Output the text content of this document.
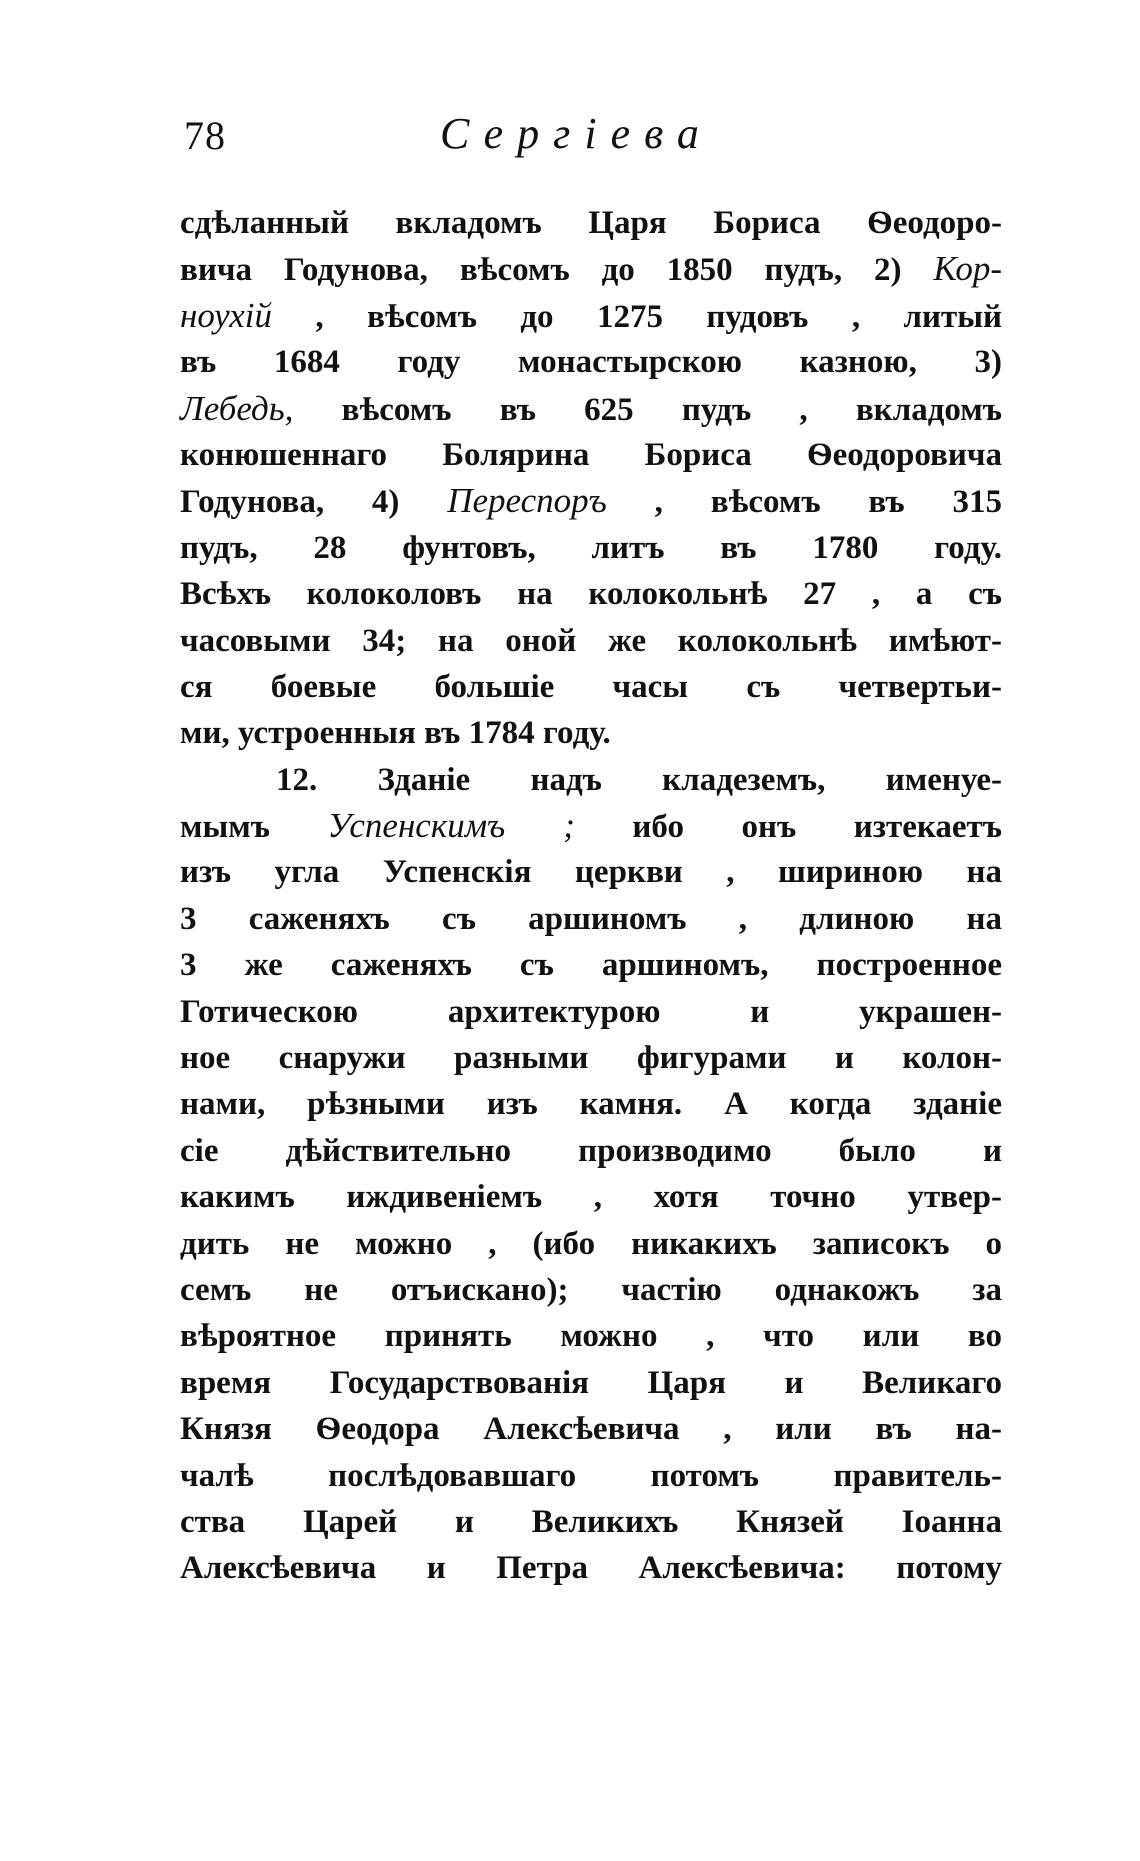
78	Сергіева
сдѣланный вкладомъ Царя Бориса Ѳеодоро-
вича Годунова, вѣсомъ до 1850 пудъ, 2) Кор-
ноухій , вѣсомъ до 1275 пудовъ , литый
въ 1684 году монастырскою казною, 3)
Лебедь, вѣсомъ въ 625 пудъ , вкладомъ
конюшеннаго Болярина Бориса Ѳеодоровича
Годунова, 4) Переспоръ , вѣсомъ въ 315
пудъ, 28 фунтовъ, литъ въ 1780 году.
Всѣхъ колоколовъ на колокольнѣ 27 , а съ
часовыми 34; на оной же колокольнѣ имѣют-
ся боевые большіе часы съ четвертьи-
ми, устроенныя въ 1784 году.
12. Зданіе надъ кладеземъ, именуе-
мымъ Успенскимъ ; ибо онъ изтекаетъ
изъ угла Успенскія церкви , шириною на
3 саженяхъ съ аршиномъ , длиною на
3 же саженяхъ съ аршиномъ, построенное
Готическою архитектурою и украшен-
ное снаружи разными фигурами и колон-
нами, рѣзными изъ камня. А когда зданіе
сіе дѣйствительно производимо было и
какимъ иждивеніемъ , хотя точно утвер-
дить не можно , (ибо никакихъ записокъ о
семъ не отъискано); частію однакожъ за
вѣроятное принять можно , что или во
время Государствованія Царя и Великаго
Князя Ѳеодора Алексѣевича , или въ на-
чалѣ послѣдовавшаго потомъ правитель-
ства Царей и Великихъ Князей Іоанна
Алексѣевича и Петра Алексѣевича: потому
